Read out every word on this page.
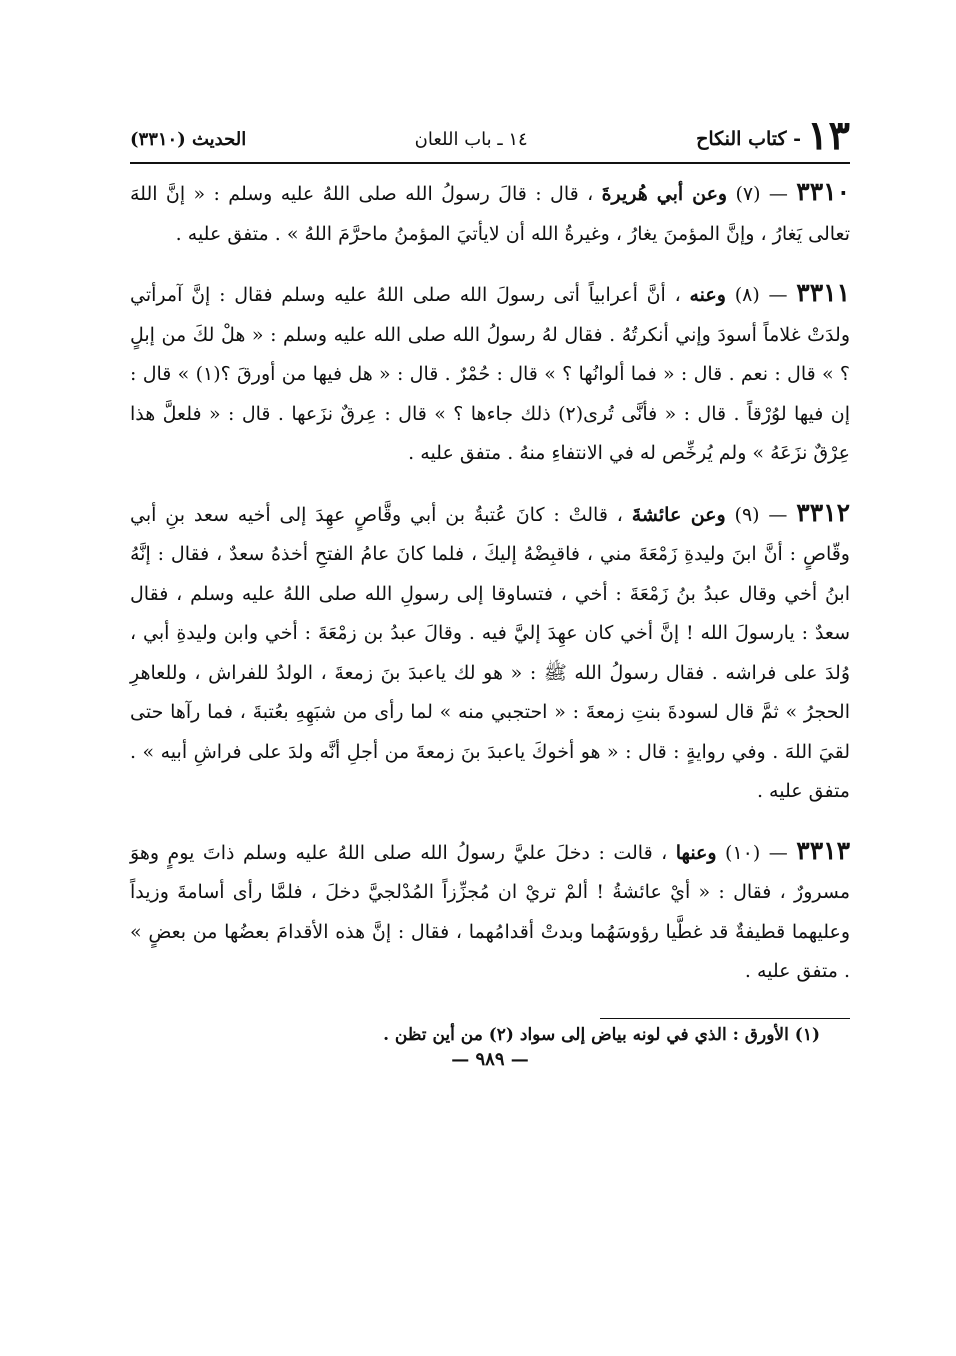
١٣
- كتاب النكاح
١٤ ـ باب اللعان
الحديث (٣٣١٠)

٣٣١٠ — (٧) وعن أبي هُريرةَ ، قال : قالَ رسولُ الله صلى اللهُ عليه وسلم : « إنَّ اللهَ تعالى يَغارُ ، وإنَّ المؤمنَ يغارُ ، وغيرةُ الله أن لايأتيَ المؤمنُ ماحرَّمَ اللهُ » . متفق عليه .

٣٣١١ — (٨) وعنه ، أنَّ أعرابياً أتى رسولَ الله صلى اللهُ عليه وسلم فقال : إنَّ آمرأتي ولدَتْ غلاماً أسودَ وإني أنكرتُهُ . فقال لهُ رسولُ الله صلى الله عليه وسلم : « هلْ لكَ من إبلٍ ؟ » قال : نعم . قال : « فما ألوانُها ؟ » قال : حُمْرٌ . قال : « هل فيها من أورقَ ؟(١) » قال : إن فيها لوُرْقاً . قال : « فأنَّى تُرى(٢) ذلك جاءها ؟ » قال : عِرقٌ نزَعها . قال : « فلعلَّ هذا عِرْقٌ نزَعَهُ » ولم يُرخِّص له في الانتفاءِ منهُ . متفق عليه .

٣٣١٢ — (٩) وعن عائشةَ ، قالتْ : كانَ عُتبةُ بن أبي وقَّاصٍ عهِدَ إلى أخيه سعد بنِ أبي وقّاصٍ : أنَّ ابنَ وليدةِ زَمْعَةَ مني ، فاقبِضْهُ إليكَ ، فلما كانَ عامُ الفتحِ أخذهُ سعدٌ ، فقال : إنَّهُ ابنُ أخي وقال عبدُ بنُ زَمْعَةَ : أخي ، فتساوقا إلى رسولِ الله صلى اللهُ عليه وسلم ، فقال سعدٌ : يارسولَ الله ! إنَّ أخي كان عهِدَ إليَّ فيه . وقالَ عبدُ بن زمْعَةَ : أخي وابن وليدةِ أبي ، وُلدَ على فراشه . فقال رسولُ الله ﷺ : « هو لك ياعبدَ بنَ زمعةَ ، الولدُ للفراش ، وللعاهرِ الحجرُ » ثمَّ قال لسودةَ بنتِ زمعةَ : « احتجبي منه » لما رأى من شبَهِهِ بعُتبةَ ، فما رآها حتى لقيَ اللهَ . وفي روايةٍ : قال : « هو أخوكَ ياعبدَ بنَ زمعةَ من أجلِ أنَّه ولدَ على فراشِ أبيه » . متفق عليه .

٣٣١٣ — (١٠) وعنها ، قالت : دخلَ عليَّ رسولُ الله صلى اللهُ عليه وسلم ذاتَ يومٍ وهوَ مسرورٌ ، فقال : « أيْ عائشةُ ! ألمْ تريْ ان مُجزِّزاً المُدْلجيَّ دخلَ ، فلمَّا رأى أسامةَ وزيداً وعليهما قطيفةٌ قد غطَّيا رؤوسَهُما وبدتْ أقدامُهما ، فقال : إنَّ هذه الأقدامَ بعضُها من بعضٍ » . متفق عليه .

(١) الأورق : الذي في لونه بياض إلى سواد (٢) من أين تظن .
— ٩٨٩ —
